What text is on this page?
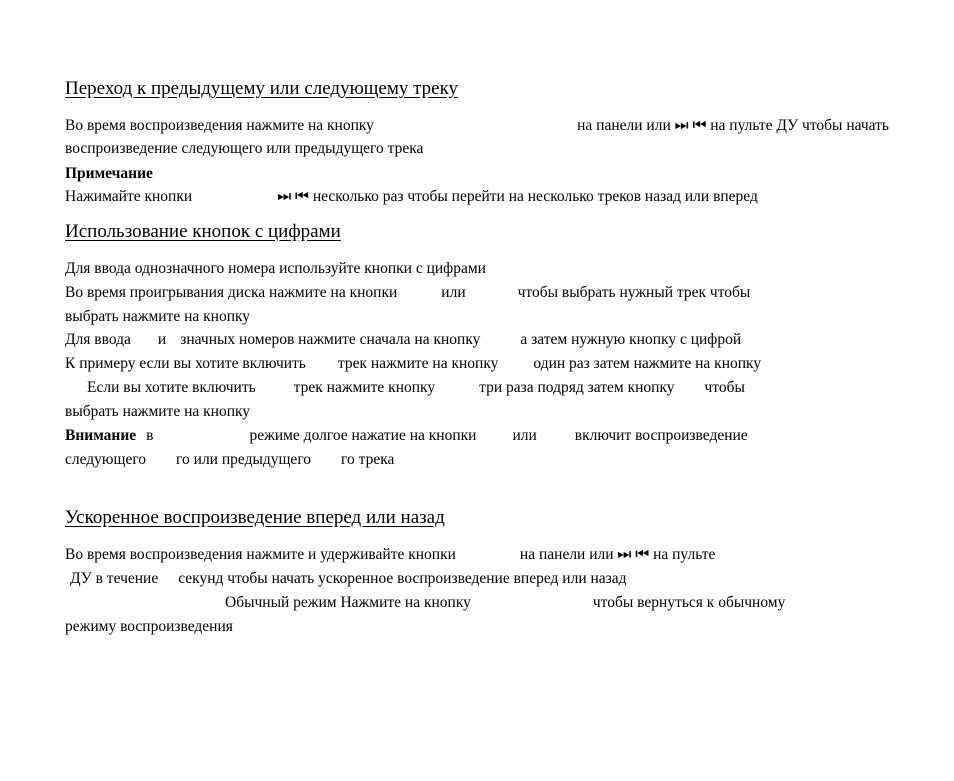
Переход к предыдущему или следующему треку
Во время воспроизведения нажмите на кнопку	на панели или ⏭ ⏮ на пульте ДУ чтобы начать
воспроизведение следующего или предыдущего трека
Примечание
Нажимайте кнопки	⏭ ⏮ несколько раз чтобы перейти на несколько треков назад или вперед
Использование кнопок с цифрами
Для ввода однозначного номера используйте кнопки с цифрами
Во время проигрывания диска нажмите на кнопки	или	чтобы выбрать нужный трек чтобы
выбрать нажмите на кнопку
Для ввода и значных номеров нажмите сначала на кнопку	а затем нужную кнопку с цифрой
К примеру если вы хотите включить трек нажмите на кнопку один раз затем нажмите на кнопку
Если вы хотите включить трек нажмите кнопку	три раза подряд затем кнопку чтобы
выбрать нажмите на кнопку
Внимание в	режиме долгое нажатие на кнопки или включит воспроизведение
следующего го или предыдущего го трека
Ускоренное воспроизведение вперед или назад
Во время воспроизведения нажмите и удерживайте кнопки	на панели или ⏭ ⏮ на пульте
ДУ в течение секунд чтобы начать ускоренное воспроизведение вперед или назад
Обычный режим Нажмите на кнопку	чтобы вернуться к обычному
режиму воспроизведения
